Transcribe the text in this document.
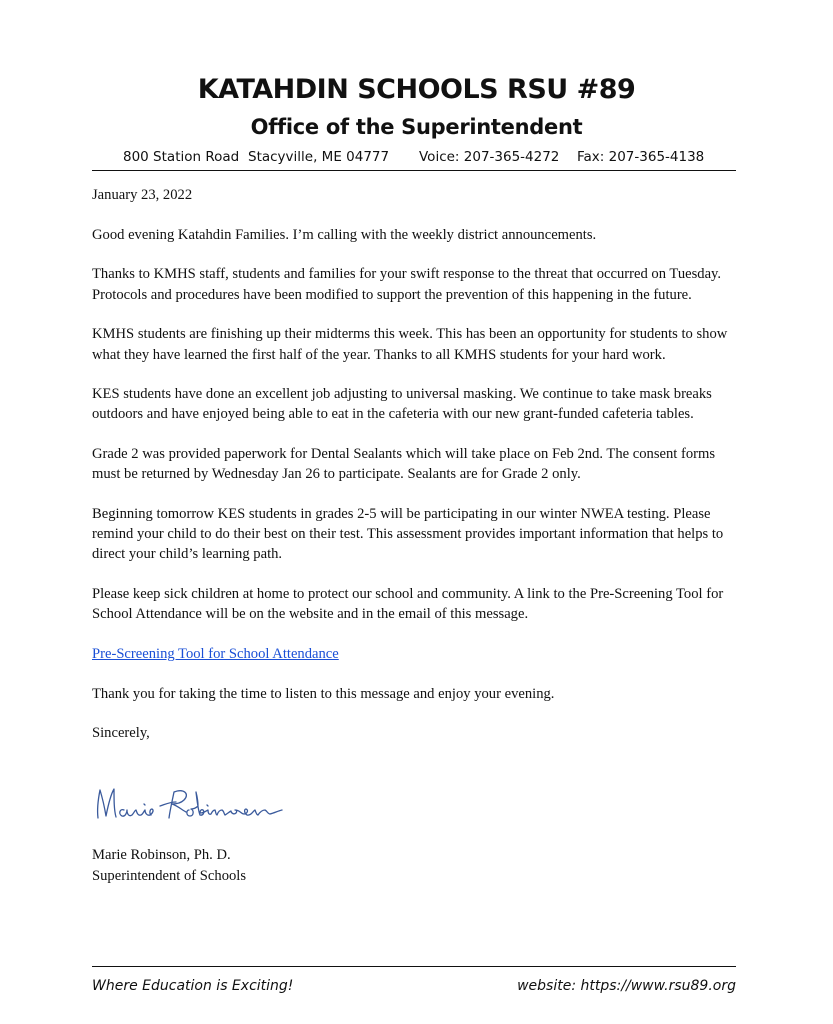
KATAHDIN SCHOOLS RSU #89

Office of the Superintendent

800 Station Road Stacyville, ME 04777 Voice: 207-365-4272 Fax: 207-365-4138

January 23, 2022

Good evening Katahdin Families. I’m calling with the weekly district announcements.

Thanks to KMHS staff, students and families for your swift response to the threat that occurred on Tuesday. Protocols and procedures have been modified to support the prevention of this happening in the future.

KMHS students are finishing up their midterms this week. This has been an opportunity for students to show what they have learned the first half of the year. Thanks to all KMHS students for your hard work.

KES students have done an excellent job adjusting to universal masking. We continue to take mask breaks outdoors and have enjoyed being able to eat in the cafeteria with our new grant-funded cafeteria tables.

Grade 2 was provided paperwork for Dental Sealants which will take place on Feb 2nd. The consent forms must be returned by Wednesday Jan 26 to participate. Sealants are for Grade 2 only.

Beginning tomorrow KES students in grades 2-5 will be participating in our winter NWEA testing. Please remind your child to do their best on their test. This assessment provides important information that helps to direct your child’s learning path.

Please keep sick children at home to protect our school and community. A link to the Pre-Screening Tool for School Attendance will be on the website and in the email of this message.

Pre-Screening Tool for School Attendance

Thank you for taking the time to listen to this message and enjoy your evening.

Sincerely,

Marie Robinson, Ph. D.
Superintendent of Schools
Where Education is Exciting!	website: https://www.rsu89.org
